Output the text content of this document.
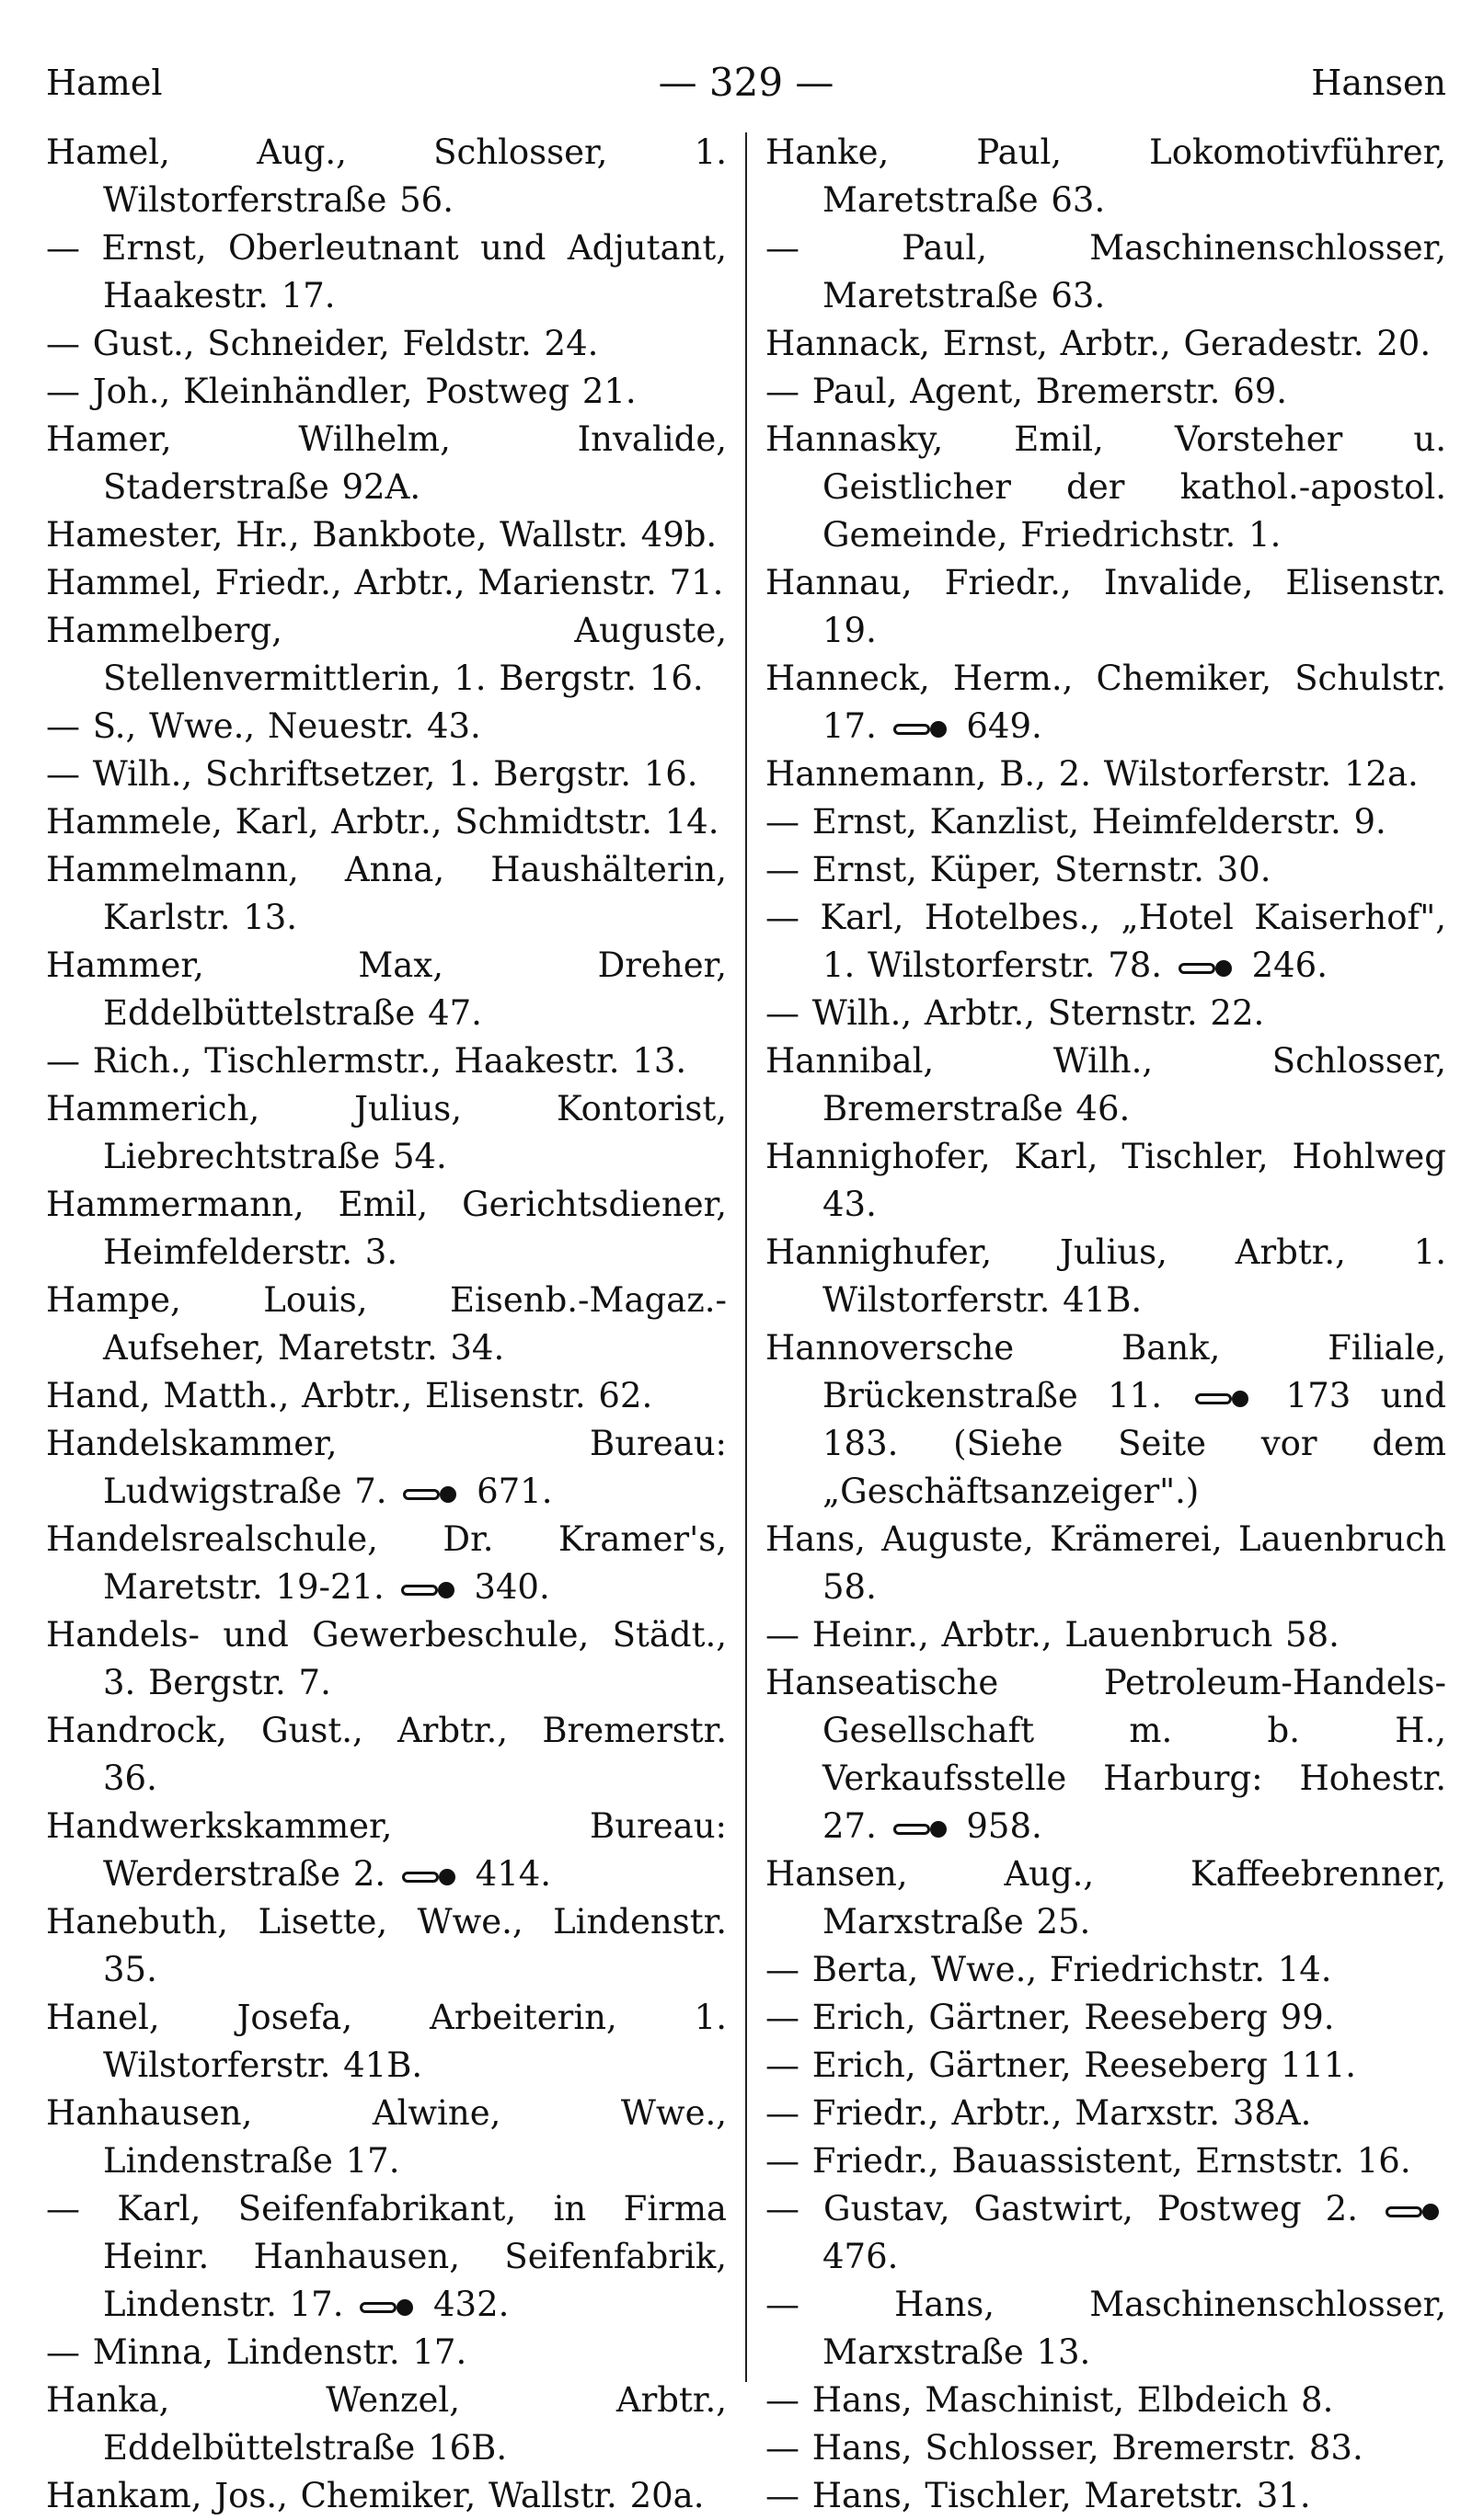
Hamel	— 329 —	Hansen
Hamel, Aug., Schlosser, 1. Wilstorferstraße 56.
— Ernst, Oberleutnant und Adjutant, Haakestr. 17.
— Gust., Schneider, Feldstr. 24.
— Joh., Kleinhändler, Postweg 21.
Hamer, Wilhelm, Invalide, Staderstraße 92A.
Hamester, Hr., Bankbote, Wallstr. 49b.
Hammel, Friedr., Arbtr., Marienstr. 71.
Hammelberg, Auguste, Stellenvermittlerin, 1. Bergstr. 16.
— S., Wwe., Neuestr. 43.
— Wilh., Schriftsetzer, 1. Bergstr. 16.
Hammele, Karl, Arbtr., Schmidtstr. 14.
Hammelmann, Anna, Haushälterin, Karlstr. 13.
Hammer, Max, Dreher, Eddelbüttelstraße 47.
— Rich., Tischlermstr., Haakestr. 13.
Hammerich, Julius, Kontorist, Liebrechtstraße 54.
Hammermann, Emil, Gerichtsdiener, Heimfelderstr. 3.
Hampe, Louis, Eisenb.-Magaz.-Aufseher, Maretstr. 34.
Hand, Matth., Arbtr., Elisenstr. 62.
Handelskammer, Bureau: Ludwigstraße 7.  671.
Handelsrealschule, Dr. Kramer's, Maretstr. 19-21.  340.
Handels- und Gewerbeschule, Städt., 3. Bergstr. 7.
Handrock, Gust., Arbtr., Bremerstr. 36.
Handwerkskammer, Bureau: Werderstraße 2.  414.
Hanebuth, Lisette, Wwe., Lindenstr. 35.
Hanel, Josefa, Arbeiterin, 1. Wilstorferstr. 41B.
Hanhausen, Alwine, Wwe., Lindenstraße 17.
— Karl, Seifenfabrikant, in Firma Heinr. Hanhausen, Seifenfabrik, Lindenstr. 17.  432.
— Minna, Lindenstr. 17.
Hanka, Wenzel, Arbtr., Eddelbüttelstraße 16B.
Hankam, Jos., Chemiker, Wallstr. 20a.
Hanke, Paul, Lokomotivführer, Maretstraße 63.
— Paul, Maschinenschlosser, Maretstraße 63.
Hannack, Ernst, Arbtr., Geradestr. 20.
— Paul, Agent, Bremerstr. 69.
Hannasky, Emil, Vorsteher u. Geistlicher der kathol.-apostol. Gemeinde, Friedrichstr. 1.
Hannau, Friedr., Invalide, Elisenstr. 19.
Hanneck, Herm., Chemiker, Schulstr. 17.  649.
Hannemann, B., 2. Wilstorferstr. 12a.
— Ernst, Kanzlist, Heimfelderstr. 9.
— Ernst, Küper, Sternstr. 30.
— Karl, Hotelbes., „Hotel Kaiserhof", 1. Wilstorferstr. 78.  246.
— Wilh., Arbtr., Sternstr. 22.
Hannibal, Wilh., Schlosser, Bremerstraße 46.
Hannighofer, Karl, Tischler, Hohlweg 43.
Hannighufer, Julius, Arbtr., 1. Wilstorferstr. 41B.
Hannoversche Bank, Filiale, Brückenstraße 11.  173 und 183. (Siehe Seite vor dem „Geschäftsanzeiger".)
Hans, Auguste, Krämerei, Lauenbruch 58.
— Heinr., Arbtr., Lauenbruch 58.
Hanseatische Petroleum-Handels-Gesellschaft m. b. H., Verkaufsstelle Harburg: Hohestr. 27.  958.
Hansen, Aug., Kaffeebrenner, Marxstraße 25.
— Berta, Wwe., Friedrichstr. 14.
— Erich, Gärtner, Reeseberg 99.
— Erich, Gärtner, Reeseberg 111.
— Friedr., Arbtr., Marxstr. 38A.
— Friedr., Bauassistent, Ernststr. 16.
— Gustav, Gastwirt, Postweg 2.  476.
— Hans, Maschinenschlosser, Marxstraße 13.
— Hans, Maschinist, Elbdeich 8.
— Hans, Schlosser, Bremerstr. 83.
— Hans, Tischler, Maretstr. 31.
